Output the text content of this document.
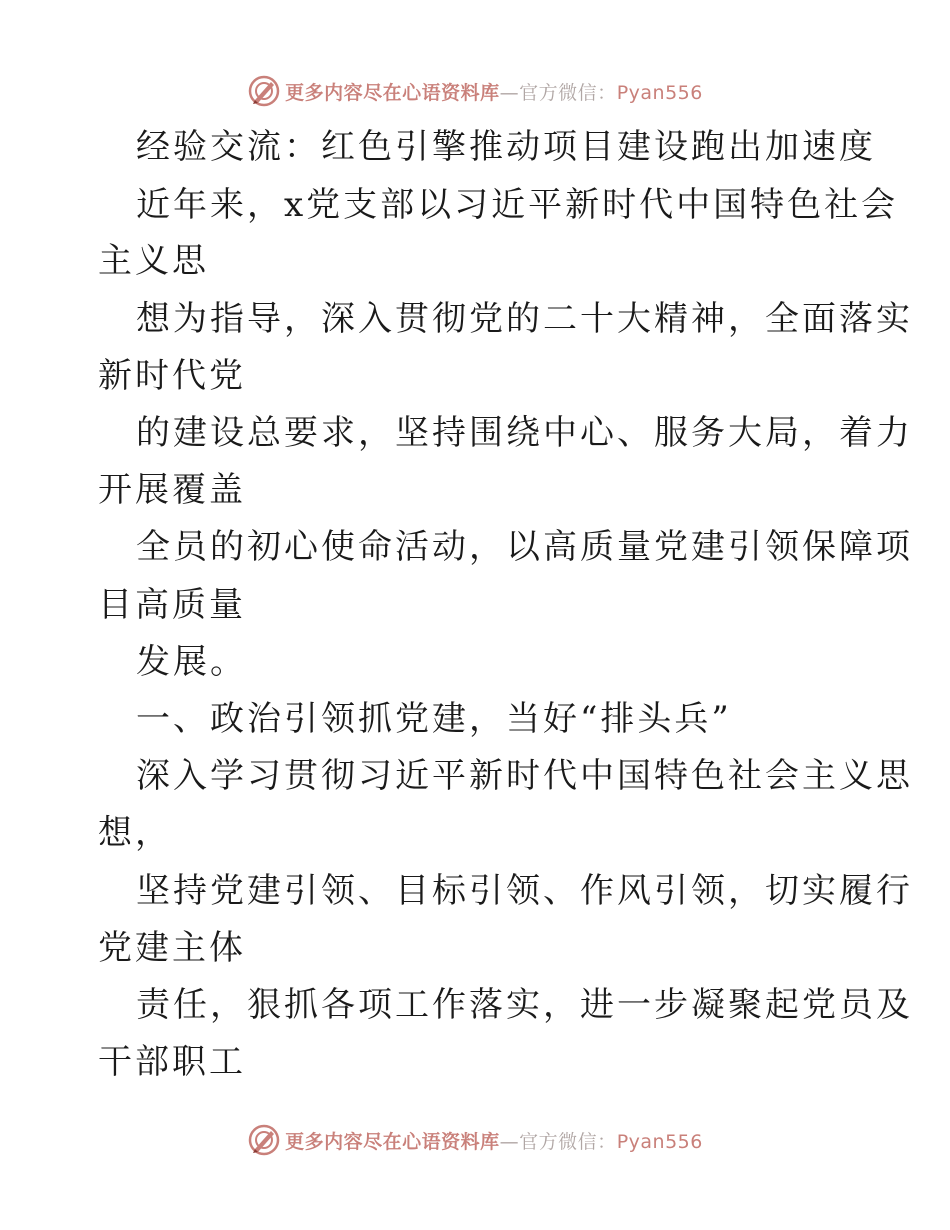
更多内容尽在心语资料库—官方微信：Pyan556
经验交流：红色引擎推动项目建设跑出加速度
近年来，x党支部以习近平新时代中国特色社会
主义思
想为指导，深入贯彻党的二十大精神，全面落实
新时代党
的建设总要求，坚持围绕中心、服务大局，着力
开展覆盖
全员的初心使命活动，以高质量党建引领保障项
目高质量
发展。
一、政治引领抓党建，当好“排头兵”
深入学习贯彻习近平新时代中国特色社会主义思
想，
坚持党建引领、目标引领、作风引领，切实履行
党建主体
责任，狠抓各项工作落实，进一步凝聚起党员及
干部职工
更多内容尽在心语资料库—官方微信：Pyan556
